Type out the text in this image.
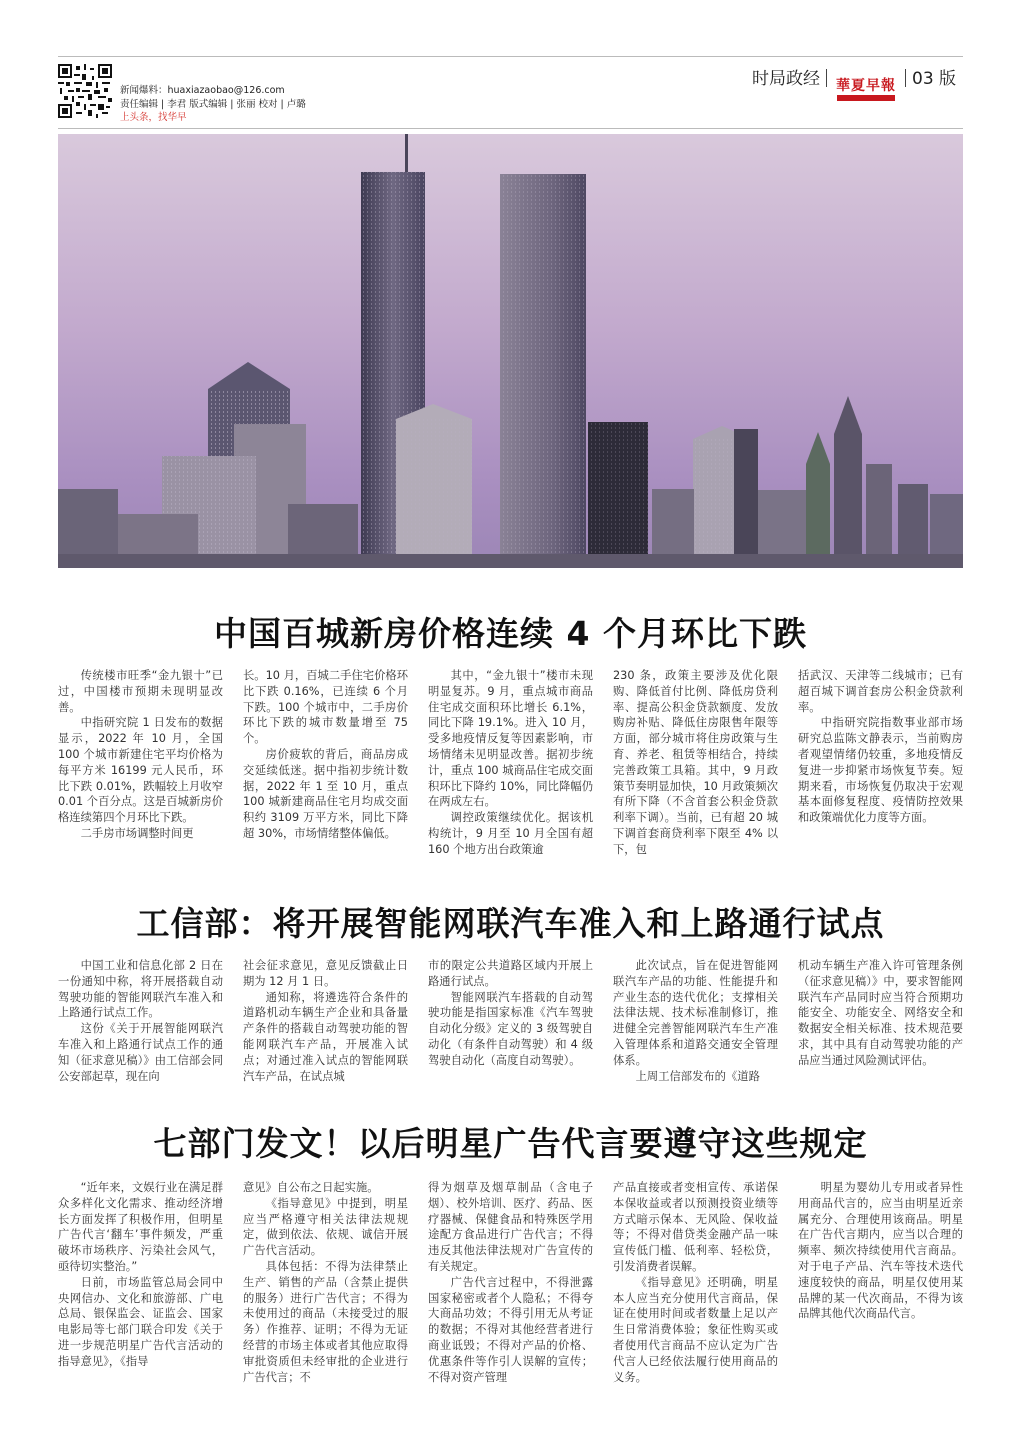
新闻爆料：huaxiazaobao@126.com
责任编辑 | 李君 版式编辑 | 张丽 校对 | 卢璐
上头条，找华早
时局政经 華夏早報 03 版
中国百城新房价格连续 4 个月环比下跌

传统楼市旺季“金九银十”已过，中国楼市预期未现明显改善。

中指研究院 1 日发布的数据显示，2022 年 10 月，全国 100 个城市新建住宅平均价格为每平方米 16199 元人民币，环比下跌 0.01%，跌幅较上月收窄 0.01 个百分点。这是百城新房价格连续第四个月环比下跌。

二手房市场调整时间更

长。10 月，百城二手住宅价格环比下跌 0.16%，已连续 6 个月下跌。100 个城市中，二手房价环比下跌的城市数量增至 75 个。

房价疲软的背后，商品房成交延续低迷。据中指初步统计数据，2022 年 1 至 10 月，重点 100 城新建商品住宅月均成交面积约 3109 万平方米，同比下降超 30%，市场情绪整体偏低。

其中，“金九银十”楼市未现明显复苏。9 月，重点城市商品住宅成交面积环比增长 6.1%，同比下降 19.1%。进入 10 月，受多地疫情反复等因素影响，市场情绪未见明显改善。据初步统计，重点 100 城商品住宅成交面积环比下降约 10%，同比降幅仍在两成左右。

调控政策继续优化。据该机构统计，9 月至 10 月全国有超 160 个地方出台政策逾

230 条，政策主要涉及优化限购、降低首付比例、降低房贷利率、提高公积金贷款额度、发放购房补贴、降低住房限售年限等方面，部分城市将住房政策与生育、养老、租赁等相结合，持续完善政策工具箱。其中，9 月政策节奏明显加快，10 月政策频次有所下降（不含首套公积金贷款利率下调）。当前，已有超 20 城下调首套商贷利率下限至 4% 以下，包

括武汉、天津等二线城市；已有超百城下调首套房公积金贷款利率。

中指研究院指数事业部市场研究总监陈文静表示，当前购房者观望情绪仍较重，多地疫情反复进一步抑紧市场恢复节奏。短期来看，市场恢复仍取决于宏观基本面修复程度、疫情防控效果和政策端优化力度等方面。

工信部：将开展智能网联汽车准入和上路通行试点

中国工业和信息化部 2 日在一份通知中称，将开展搭载自动驾驶功能的智能网联汽车准入和上路通行试点工作。

这份《关于开展智能网联汽车准入和上路通行试点工作的通知（征求意见稿）》由工信部会同公安部起草，现在向

社会征求意见，意见反馈截止日期为 12 月 1 日。

通知称，将遴选符合条件的道路机动车辆生产企业和具备量产条件的搭载自动驾驶功能的智能网联汽车产品，开展准入试点；对通过准入试点的智能网联汽车产品，在试点城

市的限定公共道路区域内开展上路通行试点。

智能网联汽车搭载的自动驾驶功能是指国家标准《汽车驾驶自动化分级》定义的 3 级驾驶自动化（有条件自动驾驶）和 4 级驾驶自动化（高度自动驾驶）。

此次试点，旨在促进智能网联汽车产品的功能、性能提升和产业生态的迭代优化；支撑相关法律法规、技术标准制修订，推进健全完善智能网联汽车生产准入管理体系和道路交通安全管理体系。

上周工信部发布的《道路

机动车辆生产准入许可管理条例（征求意见稿）》中，要求智能网联汽车产品同时应当符合预期功能安全、功能安全、网络安全和数据安全相关标准、技术规范要求，其中具有自动驾驶功能的产品应当通过风险测试评估。

七部门发文！以后明星广告代言要遵守这些规定

“近年来，文娱行业在满足群众多样化文化需求、推动经济增长方面发挥了积极作用，但明星广告代言‘翻车’事件频发，严重破坏市场秩序、污染社会风气，亟待切实整治。”

日前，市场监管总局会同中央网信办、文化和旅游部、广电总局、银保监会、证监会、国家电影局等七部门联合印发《关于进一步规范明星广告代言活动的指导意见》，《指导

意见》自公布之日起实施。

《指导意见》中提到，明星应当严格遵守相关法律法规规定，做到依法、依规、诚信开展广告代言活动。

具体包括：不得为法律禁止生产、销售的产品（含禁止提供的服务）进行广告代言；不得为未使用过的商品（未接受过的服务）作推荐、证明；不得为无证经营的市场主体或者其他应取得审批资质但未经审批的企业进行广告代言；不

得为烟草及烟草制品（含电子烟）、校外培训、医疗、药品、医疗器械、保健食品和特殊医学用途配方食品进行广告代言；不得违反其他法律法规对广告宣传的有关规定。

广告代言过程中，不得泄露国家秘密或者个人隐私；不得夸大商品功效；不得引用无从考证的数据；不得对其他经营者进行商业诋毁；不得对产品的价格、优惠条件等作引人误解的宣传；不得对资产管理

产品直接或者变相宣传、承诺保本保收益或者以预测投资业绩等方式暗示保本、无风险、保收益等；不得对借贷类金融产品一味宣传低门槛、低利率、轻松贷，引发消费者误解。

《指导意见》还明确，明星本人应当充分使用代言商品，保证在使用时间或者数量上足以产生日常消费体验；象征性购买或者使用代言商品不应认定为广告代言人已经依法履行使用商品的义务。

明星为婴幼儿专用或者异性用商品代言的，应当由明星近亲属充分、合理使用该商品。明星在广告代言期内，应当以合理的频率、频次持续使用代言商品。对于电子产品、汽车等技术迭代速度较快的商品，明星仅使用某品牌的某一代次商品，不得为该品牌其他代次商品代言。
